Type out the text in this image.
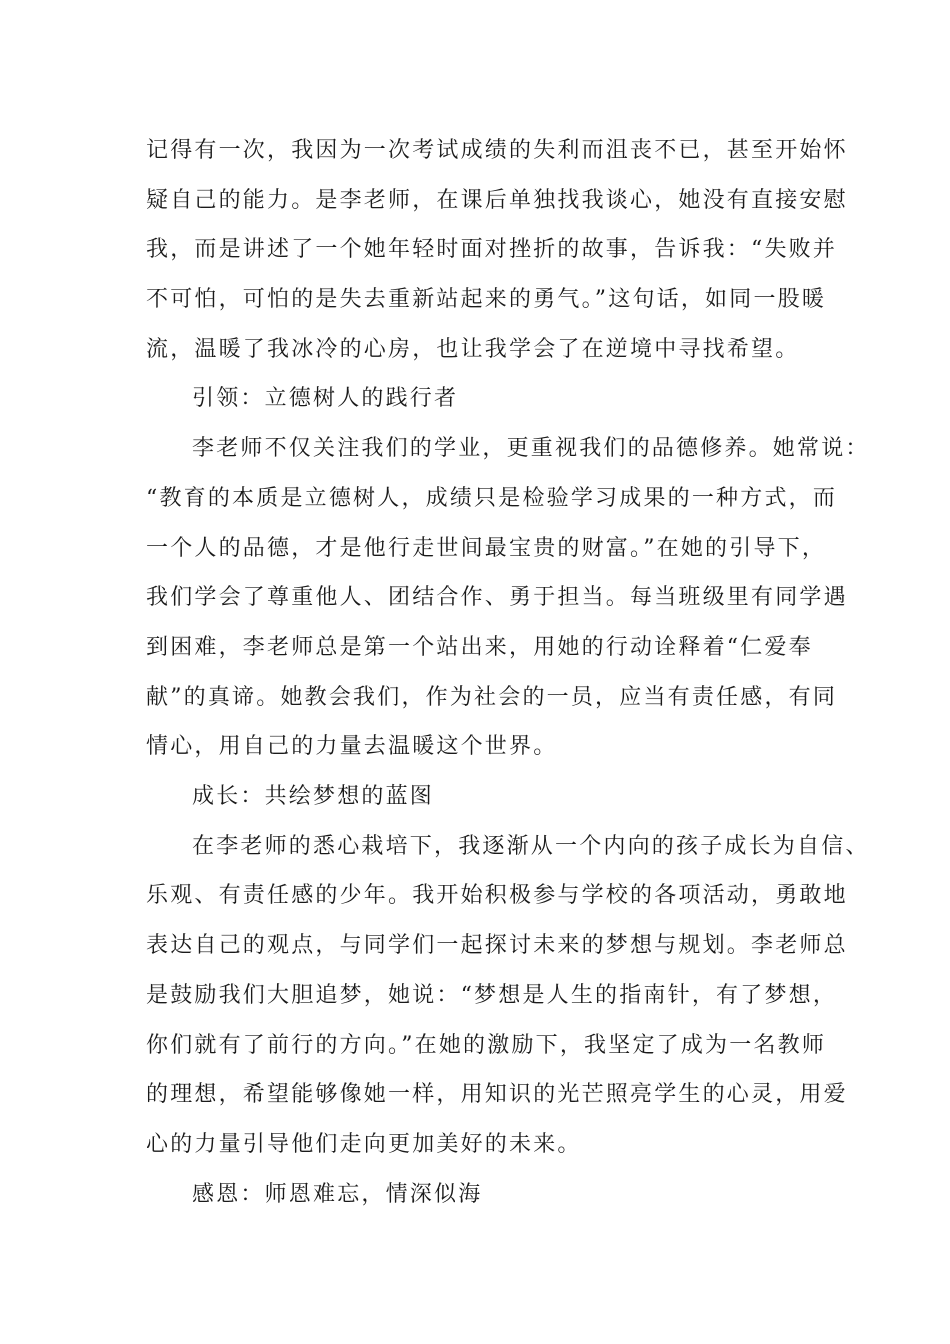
记得有一次，我因为一次考试成绩的失利而沮丧不已，甚至开始怀

疑自己的能力。是李老师，在课后单独找我谈心，她没有直接安慰

我，而是讲述了一个她年轻时面对挫折的故事，告诉我：“失败并

不可怕，可怕的是失去重新站起来的勇气。”这句话，如同一股暖

流，温暖了我冰冷的心房，也让我学会了在逆境中寻找希望。

引领：立德树人的践行者

李老师不仅关注我们的学业，更重视我们的品德修养。她常说：

“教育的本质是立德树人，成绩只是检验学习成果的一种方式，而

一个人的品德，才是他行走世间最宝贵的财富。”在她的引导下，

我们学会了尊重他人、团结合作、勇于担当。每当班级里有同学遇

到困难，李老师总是第一个站出来，用她的行动诠释着“仁爱奉

献”的真谛。她教会我们，作为社会的一员，应当有责任感，有同

情心，用自己的力量去温暖这个世界。

成长：共绘梦想的蓝图

在李老师的悉心栽培下，我逐渐从一个内向的孩子成长为自信、

乐观、有责任感的少年。我开始积极参与学校的各项活动，勇敢地

表达自己的观点，与同学们一起探讨未来的梦想与规划。李老师总

是鼓励我们大胆追梦，她说：“梦想是人生的指南针，有了梦想，

你们就有了前行的方向。”在她的激励下，我坚定了成为一名教师

的理想，希望能够像她一样，用知识的光芒照亮学生的心灵，用爱

心的力量引导他们走向更加美好的未来。

感恩：师恩难忘，情深似海
